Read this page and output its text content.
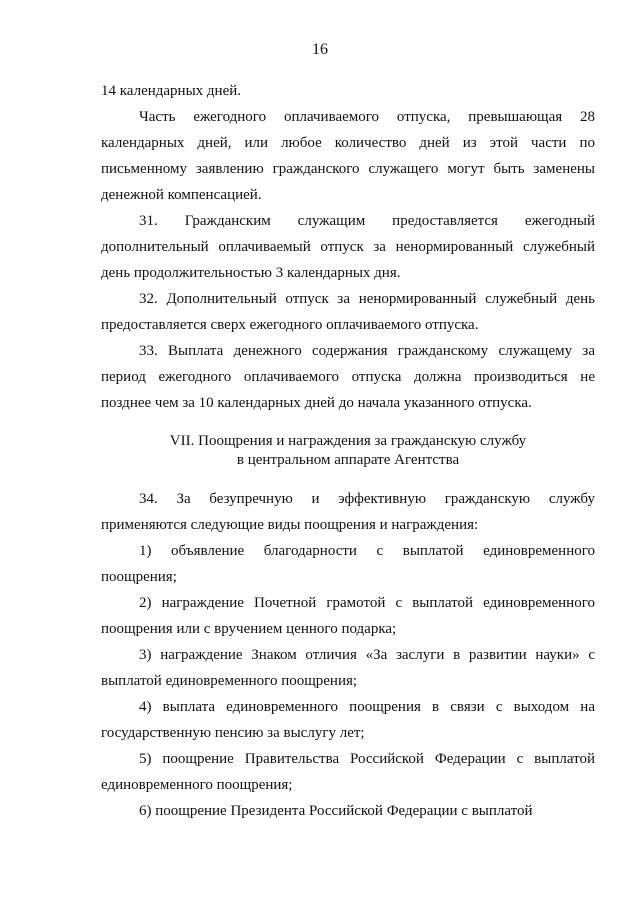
16

14 календарных дней.

Часть ежегодного оплачиваемого отпуска, превышающая 28 календарных дней, или любое количество дней из этой части по письменному заявлению гражданского служащего могут быть заменены денежной компенсацией.

31. Гражданским служащим предоставляется ежегодный дополнительный оплачиваемый отпуск за ненормированный служебный день продолжительностью 3 календарных дня.

32. Дополнительный отпуск за ненормированный служебный день предоставляется сверх ежегодного оплачиваемого отпуска.

33. Выплата денежного содержания гражданскому служащему за период ежегодного оплачиваемого отпуска должна производиться не позднее чем за 10 календарных дней до начала указанного отпуска.

VII. Поощрения и награждения за гражданскую службу
в центральном аппарате Агентства

34. За безупречную и эффективную гражданскую службу применяются следующие виды поощрения и награждения:

1) объявление благодарности с выплатой единовременного поощрения;

2) награждение Почетной грамотой с выплатой единовременного поощрения или с вручением ценного подарка;

3) награждение Знаком отличия «За заслуги в развитии науки» с выплатой единовременного поощрения;

4) выплата единовременного поощрения в связи с выходом на государственную пенсию за выслугу лет;

5) поощрение Правительства Российской Федерации с выплатой единовременного поощрения;

6) поощрение Президента Российской Федерации с выплатой
